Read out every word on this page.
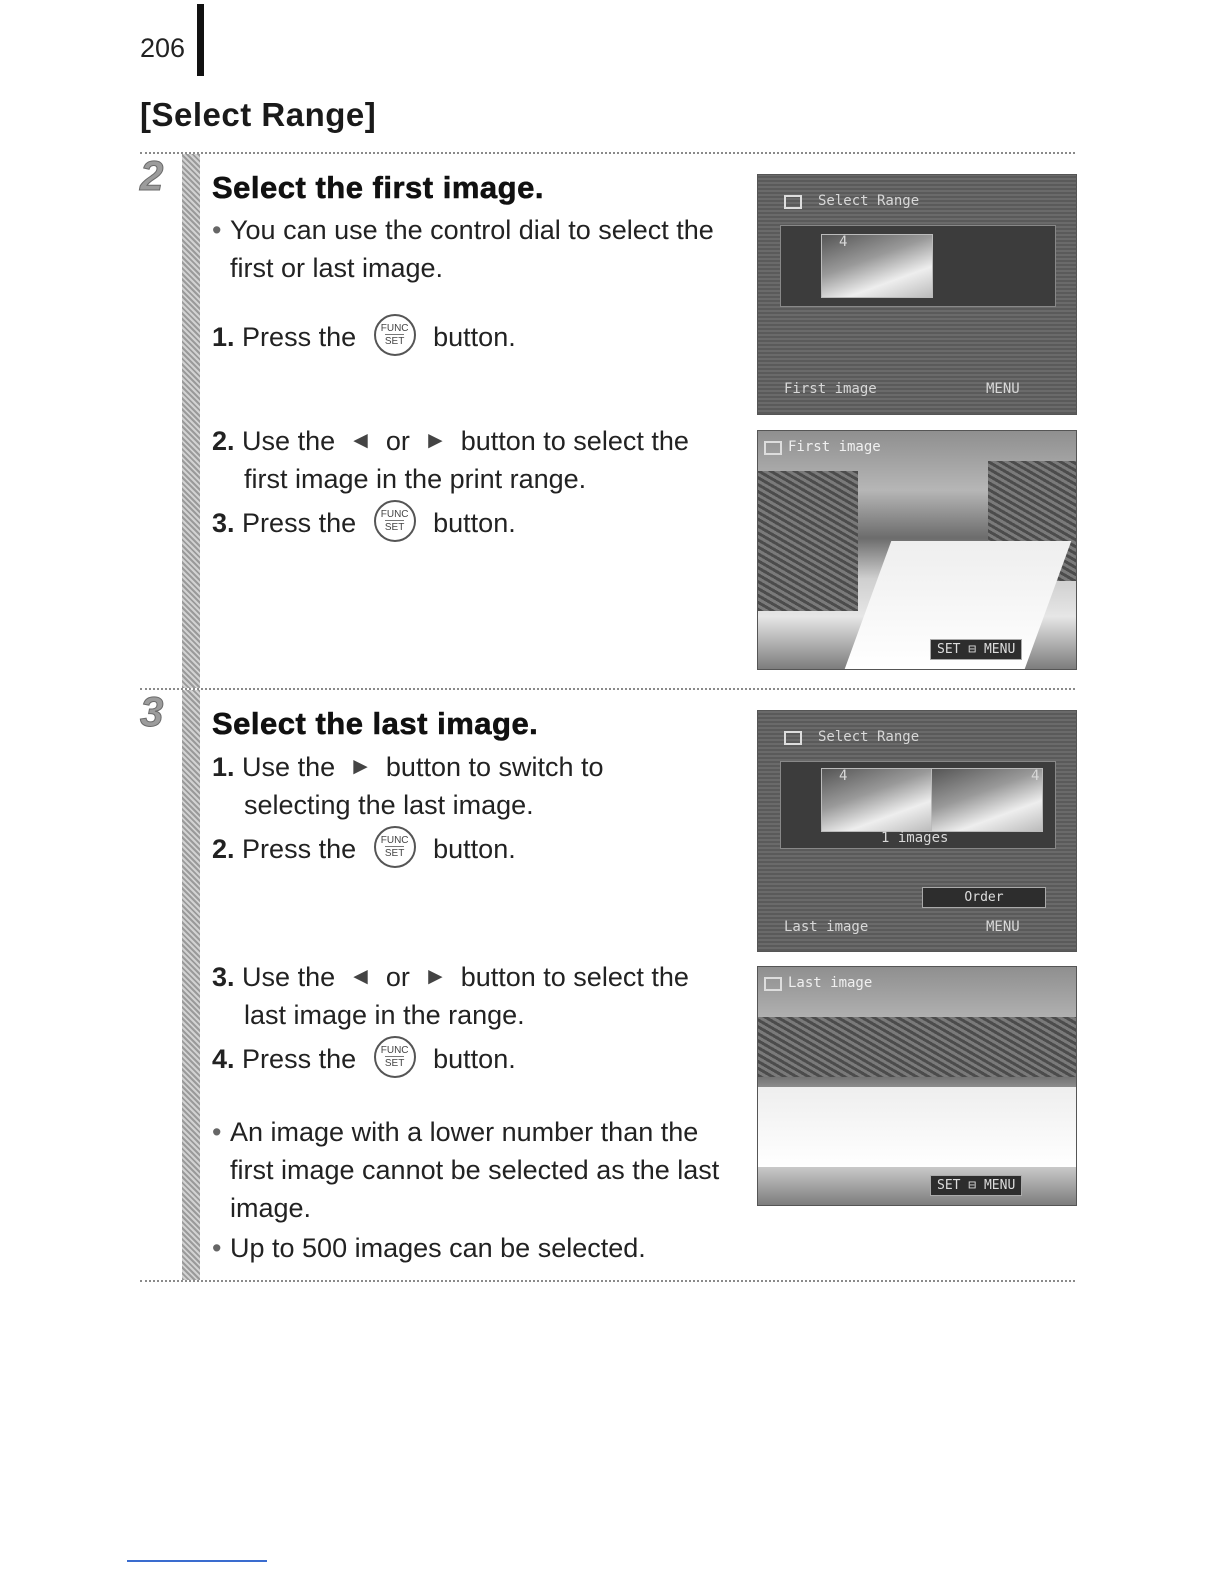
206
[Select Range]
2 Select the first image.
• You can use the control dial to select the first or last image.
1. Press the FUNC
SET button.
2. Use the ◄ or ► button to select the
first image in the print range.
3. Press the FUNC
SET button.
Select Range
4
First image	MENU
First image
SET ⊟ MENU
3 Select the last image.
1. Use the ► button to switch to
selecting the last image.
2. Press the FUNC
SET button.
3. Use the ◄ or ► button to select the
last image in the range.
4. Press the FUNC
SET button.
• An image with a lower number than the first image cannot be selected as the last image.
• Up to 500 images can be selected.
Select Range
4	4
1 images
Order
Last image	MENU
Last image
SET ⊟ MENU
